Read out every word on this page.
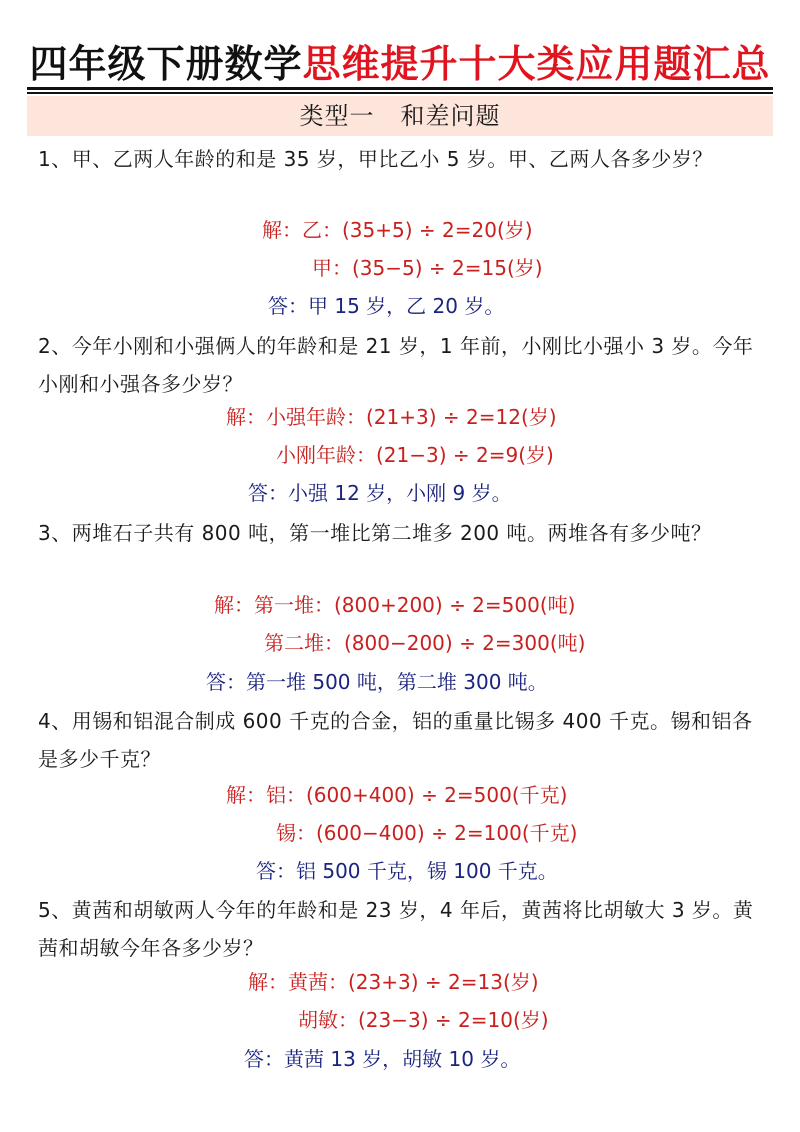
四年级下册数学思维提升十大类应用题汇总
类型一 和差问题
1、甲、乙两人年龄的和是 35 岁，甲比乙小 5 岁。甲、乙两人各多少岁？
解：乙：(35+5) ÷ 2=20(岁)
甲：(35−5) ÷ 2=15(岁)
答：甲 15 岁，乙 20 岁。
2、今年小刚和小强俩人的年龄和是 21 岁，1 年前，小刚比小强小 3 岁。今年小刚和小强各多少岁？
解：小强年龄：(21+3) ÷ 2=12(岁)
小刚年龄：(21−3) ÷ 2=9(岁)
答：小强 12 岁，小刚 9 岁。
3、两堆石子共有 800 吨，第一堆比第二堆多 200 吨。两堆各有多少吨？
解：第一堆：(800+200) ÷ 2=500(吨)
第二堆：(800−200) ÷ 2=300(吨)
答：第一堆 500 吨，第二堆 300 吨。
4、用锡和铝混合制成 600 千克的合金，铝的重量比锡多 400 千克。锡和铝各是多少千克？
解：铝：(600+400) ÷ 2=500(千克)
锡：(600−400) ÷ 2=100(千克)
答：铝 500 千克，锡 100 千克。
5、黄茜和胡敏两人今年的年龄和是 23 岁，4 年后，黄茜将比胡敏大 3 岁。黄茜和胡敏今年各多少岁？
解：黄茜：(23+3) ÷ 2=13(岁)
胡敏：(23−3) ÷ 2=10(岁)
答：黄茜 13 岁，胡敏 10 岁。
